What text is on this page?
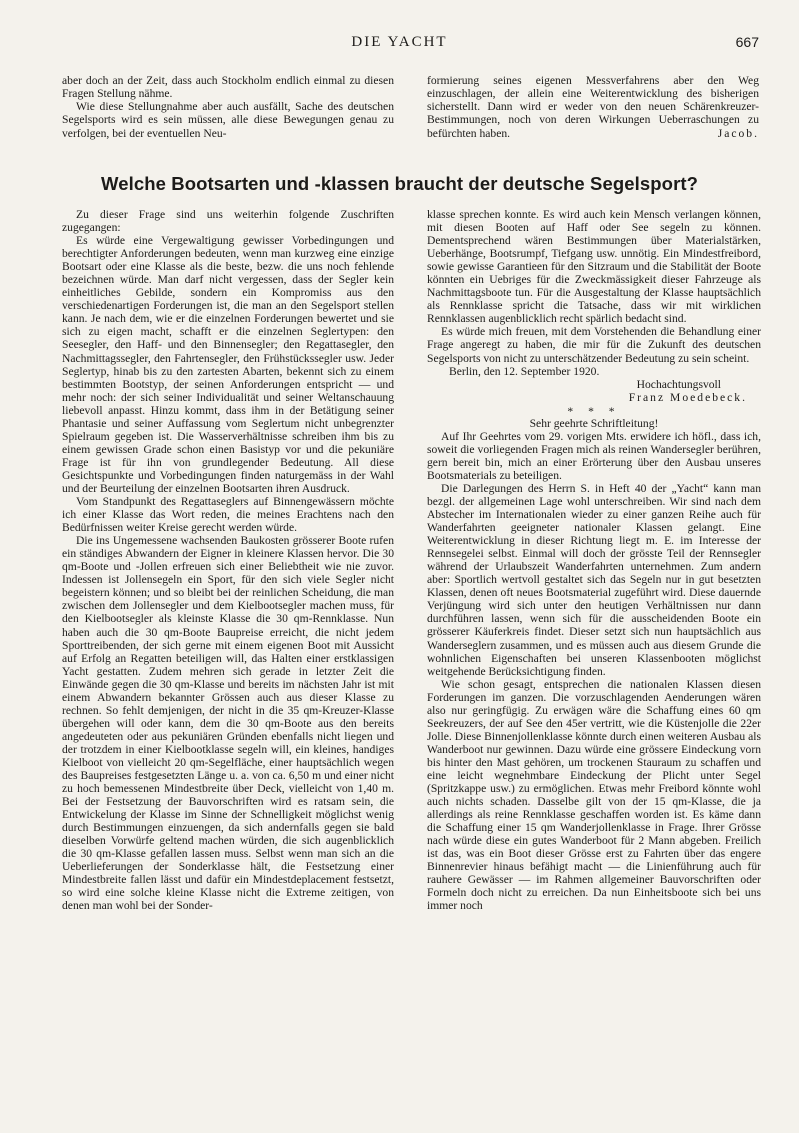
DIE YACHT	667

aber doch an der Zeit, dass auch Stockholm endlich einmal zu diesen Fragen Stellung nähme.

Wie diese Stellungnahme aber auch ausfällt, Sache des deutschen Segelsports wird es sein müssen, alle diese Bewegungen genau zu verfolgen, bei der eventuellen Neu-

formierung seines eigenen Messverfahrens aber den Weg einzuschlagen, der allein eine Weiterentwicklung des bisherigen sicherstellt. Dann wird er weder von den neuen Schärenkreuzer-Bestimmungen, noch von deren Wirkungen Ueberraschungen zu befürchten haben.	Jacob.

Welche Bootsarten und -klassen braucht der deutsche Segelsport?

Zu dieser Frage sind uns weiterhin folgende Zuschriften zugegangen:

Es würde eine Vergewaltigung gewisser Vorbedingungen und berechtigter Anforderungen bedeuten, wenn man kurzweg eine einzige Bootsart oder eine Klasse als die beste, bezw. die uns noch fehlende bezeichnen würde. Man darf nicht vergessen, dass der Segler kein einheitliches Gebilde, sondern ein Kompromiss aus den verschiedenartigen Forderungen ist, die man an den Segelsport stellen kann. Je nach dem, wie er die einzelnen Forderungen bewertet und sie sich zu eigen macht, schafft er die einzelnen Seglertypen: den Seesegler, den Haff- und den Binnensegler; den Regattasegler, den Nachmittagssegler, den Fahrtensegler, den Frühstückssegler usw. Jeder Seglertyp, hinab bis zu den zartesten Abarten, bekennt sich zu einem bestimmten Bootstyp, der seinen Anforderungen entspricht — und mehr noch: der sich seiner Individualität und seiner Weltanschauung liebevoll anpasst. Hinzu kommt, dass ihm in der Betätigung seiner Phantasie und seiner Auffassung vom Seglertum nicht unbegrenzter Spielraum gegeben ist. Die Wasserverhältnisse schreiben ihm bis zu einem gewissen Grade schon einen Basistyp vor und die pekuniäre Frage ist für ihn von grundlegender Bedeutung. All diese Gesichtspunkte und Vorbedingungen finden naturgemäss in der Wahl und der Beurteilung der einzelnen Bootsarten ihren Ausdruck.

Vom Standpunkt des Regattaseglers auf Binnengewässern möchte ich einer Klasse das Wort reden, die meines Erachtens nach den Bedürfnissen weiter Kreise gerecht werden würde.

Die ins Ungemessene wachsenden Baukosten grösserer Boote rufen ein ständiges Abwandern der Eigner in kleinere Klassen hervor. Die 30 qm-Boote und -Jollen erfreuen sich einer Beliebtheit wie nie zuvor. Indessen ist Jollensegeln ein Sport, für den sich viele Segler nicht begeistern können; und so bleibt bei der reinlichen Scheidung, die man zwischen dem Jollensegler und dem Kielbootsegler machen muss, für den Kielbootsegler als kleinste Klasse die 30 qm-Rennklasse. Nun haben auch die 30 qm-Boote Baupreise erreicht, die nicht jedem Sporttreibenden, der sich gerne mit einem eigenen Boot mit Aussicht auf Erfolg an Regatten beteiligen will, das Halten einer erstklassigen Yacht gestatten. Zudem mehren sich gerade in letzter Zeit die Einwände gegen die 30 qm-Klasse und bereits im nächsten Jahr ist mit einem Abwandern bekannter Grössen auch aus dieser Klasse zu rechnen. So fehlt demjenigen, der nicht in die 35 qm-Kreuzer-Klasse übergehen will oder kann, dem die 30 qm-Boote aus den bereits angedeuteten oder aus pekuniären Gründen ebenfalls nicht liegen und der trotzdem in einer Kielbootklasse segeln will, ein kleines, handiges Kielboot von vielleicht 20 qm-Segelfläche, einer hauptsächlich wegen des Baupreises festgesetzten Länge u. a. von ca. 6,50 m und einer nicht zu hoch bemessenen Mindestbreite über Deck, vielleicht von 1,40 m. Bei der Festsetzung der Bauvorschriften wird es ratsam sein, die Entwickelung der Klasse im Sinne der Schnelligkeit möglichst wenig durch Bestimmungen einzuengen, da sich andernfalls gegen sie bald dieselben Vorwürfe geltend machen würden, die sich augenblicklich die 30 qm-Klasse gefallen lassen muss. Selbst wenn man sich an die Ueberlieferungen der Sonderklasse hält, die Festsetzung einer Mindestbreite fallen lässt und dafür ein Mindestdeplacement festsetzt, so wird eine solche kleine Klasse nicht die Extreme zeitigen, von denen man wohl bei der Sonder-

klasse sprechen konnte. Es wird auch kein Mensch verlangen können, mit diesen Booten auf Haff oder See segeln zu können. Dementsprechend wären Bestimmungen über Materialstärken, Ueberhänge, Bootsrumpf, Tiefgang usw. unnötig. Ein Mindestfreibord, sowie gewisse Garantieen für den Sitzraum und die Stabilität der Boote könnten ein Uebriges für die Zweckmässigkeit dieser Fahrzeuge als Nachmittagsboote tun. Für die Ausgestaltung der Klasse hauptsächlich als Rennklasse spricht die Tatsache, dass wir mit wirklichen Rennklassen augenblicklich recht spärlich bedacht sind.

Es würde mich freuen, mit dem Vorstehenden die Behandlung einer Frage angeregt zu haben, die mir für die Zukunft des deutschen Segelsports von nicht zu unterschätzender Bedeutung zu sein scheint.

Berlin, den 12. September 1920.

Hochachtungsvoll

Franz Moedebeck.

* * *

Sehr geehrte Schriftleitung!

Auf Ihr Geehrtes vom 29. vorigen Mts. erwidere ich höfl., dass ich, soweit die vorliegenden Fragen mich als reinen Wandersegler berühren, gern bereit bin, mich an einer Erörterung über den Ausbau unseres Bootsmaterials zu beteiligen.

Die Darlegungen des Herrn S. in Heft 40 der „Yacht“ kann man bezgl. der allgemeinen Lage wohl unterschreiben. Wir sind nach dem Abstecher im Internationalen wieder zu einer ganzen Reihe auch für Wanderfahrten geeigneter nationaler Klassen gelangt. Eine Weiterentwicklung in dieser Richtung liegt m. E. im Interesse der Rennsegelei selbst. Einmal will doch der grösste Teil der Rennsegler während der Urlaubszeit Wanderfahrten unternehmen. Zum andern aber: Sportlich wertvoll gestaltet sich das Segeln nur in gut besetzten Klassen, denen oft neues Bootsmaterial zugeführt wird. Diese dauernde Verjüngung wird sich unter den heutigen Verhältnissen nur dann durchführen lassen, wenn sich für die ausscheidenden Boote ein grösserer Käuferkreis findet. Dieser setzt sich nun hauptsächlich aus Wanderseglern zusammen, und es müssen auch aus diesem Grunde die wohnlichen Eigenschaften bei unseren Klassenbooten möglichst weitgehende Berücksichtigung finden.

Wie schon gesagt, entsprechen die nationalen Klassen diesen Forderungen im ganzen. Die vorzuschlagenden Aenderungen wären also nur geringfügig. Zu erwägen wäre die Schaffung eines 60 qm Seekreuzers, der auf See den 45er vertritt, wie die Küstenjolle die 22er Jolle. Diese Binnenjollenklasse könnte durch einen weiteren Ausbau als Wanderboot nur gewinnen. Dazu würde eine grössere Eindeckung vorn bis hinter den Mast gehören, um trockenen Stauraum zu schaffen und eine leicht wegnehmbare Eindeckung der Plicht unter Segel (Spritzkappe usw.) zu ermöglichen. Etwas mehr Freibord könnte wohl auch nichts schaden. Dasselbe gilt von der 15 qm-Klasse, die ja allerdings als reine Rennklasse geschaffen worden ist. Es käme dann die Schaffung einer 15 qm Wanderjollenklasse in Frage. Ihrer Grösse nach würde diese ein gutes Wanderboot für 2 Mann abgeben. Freilich ist das, was ein Boot dieser Grösse erst zu Fahrten über das engere Binnenrevier hinaus befähigt macht — die Linienführung auch für rauhere Gewässer — im Rahmen allgemeiner Bauvorschriften oder Formeln doch nicht zu erreichen. Da nun Einheitsboote sich bei uns immer noch
